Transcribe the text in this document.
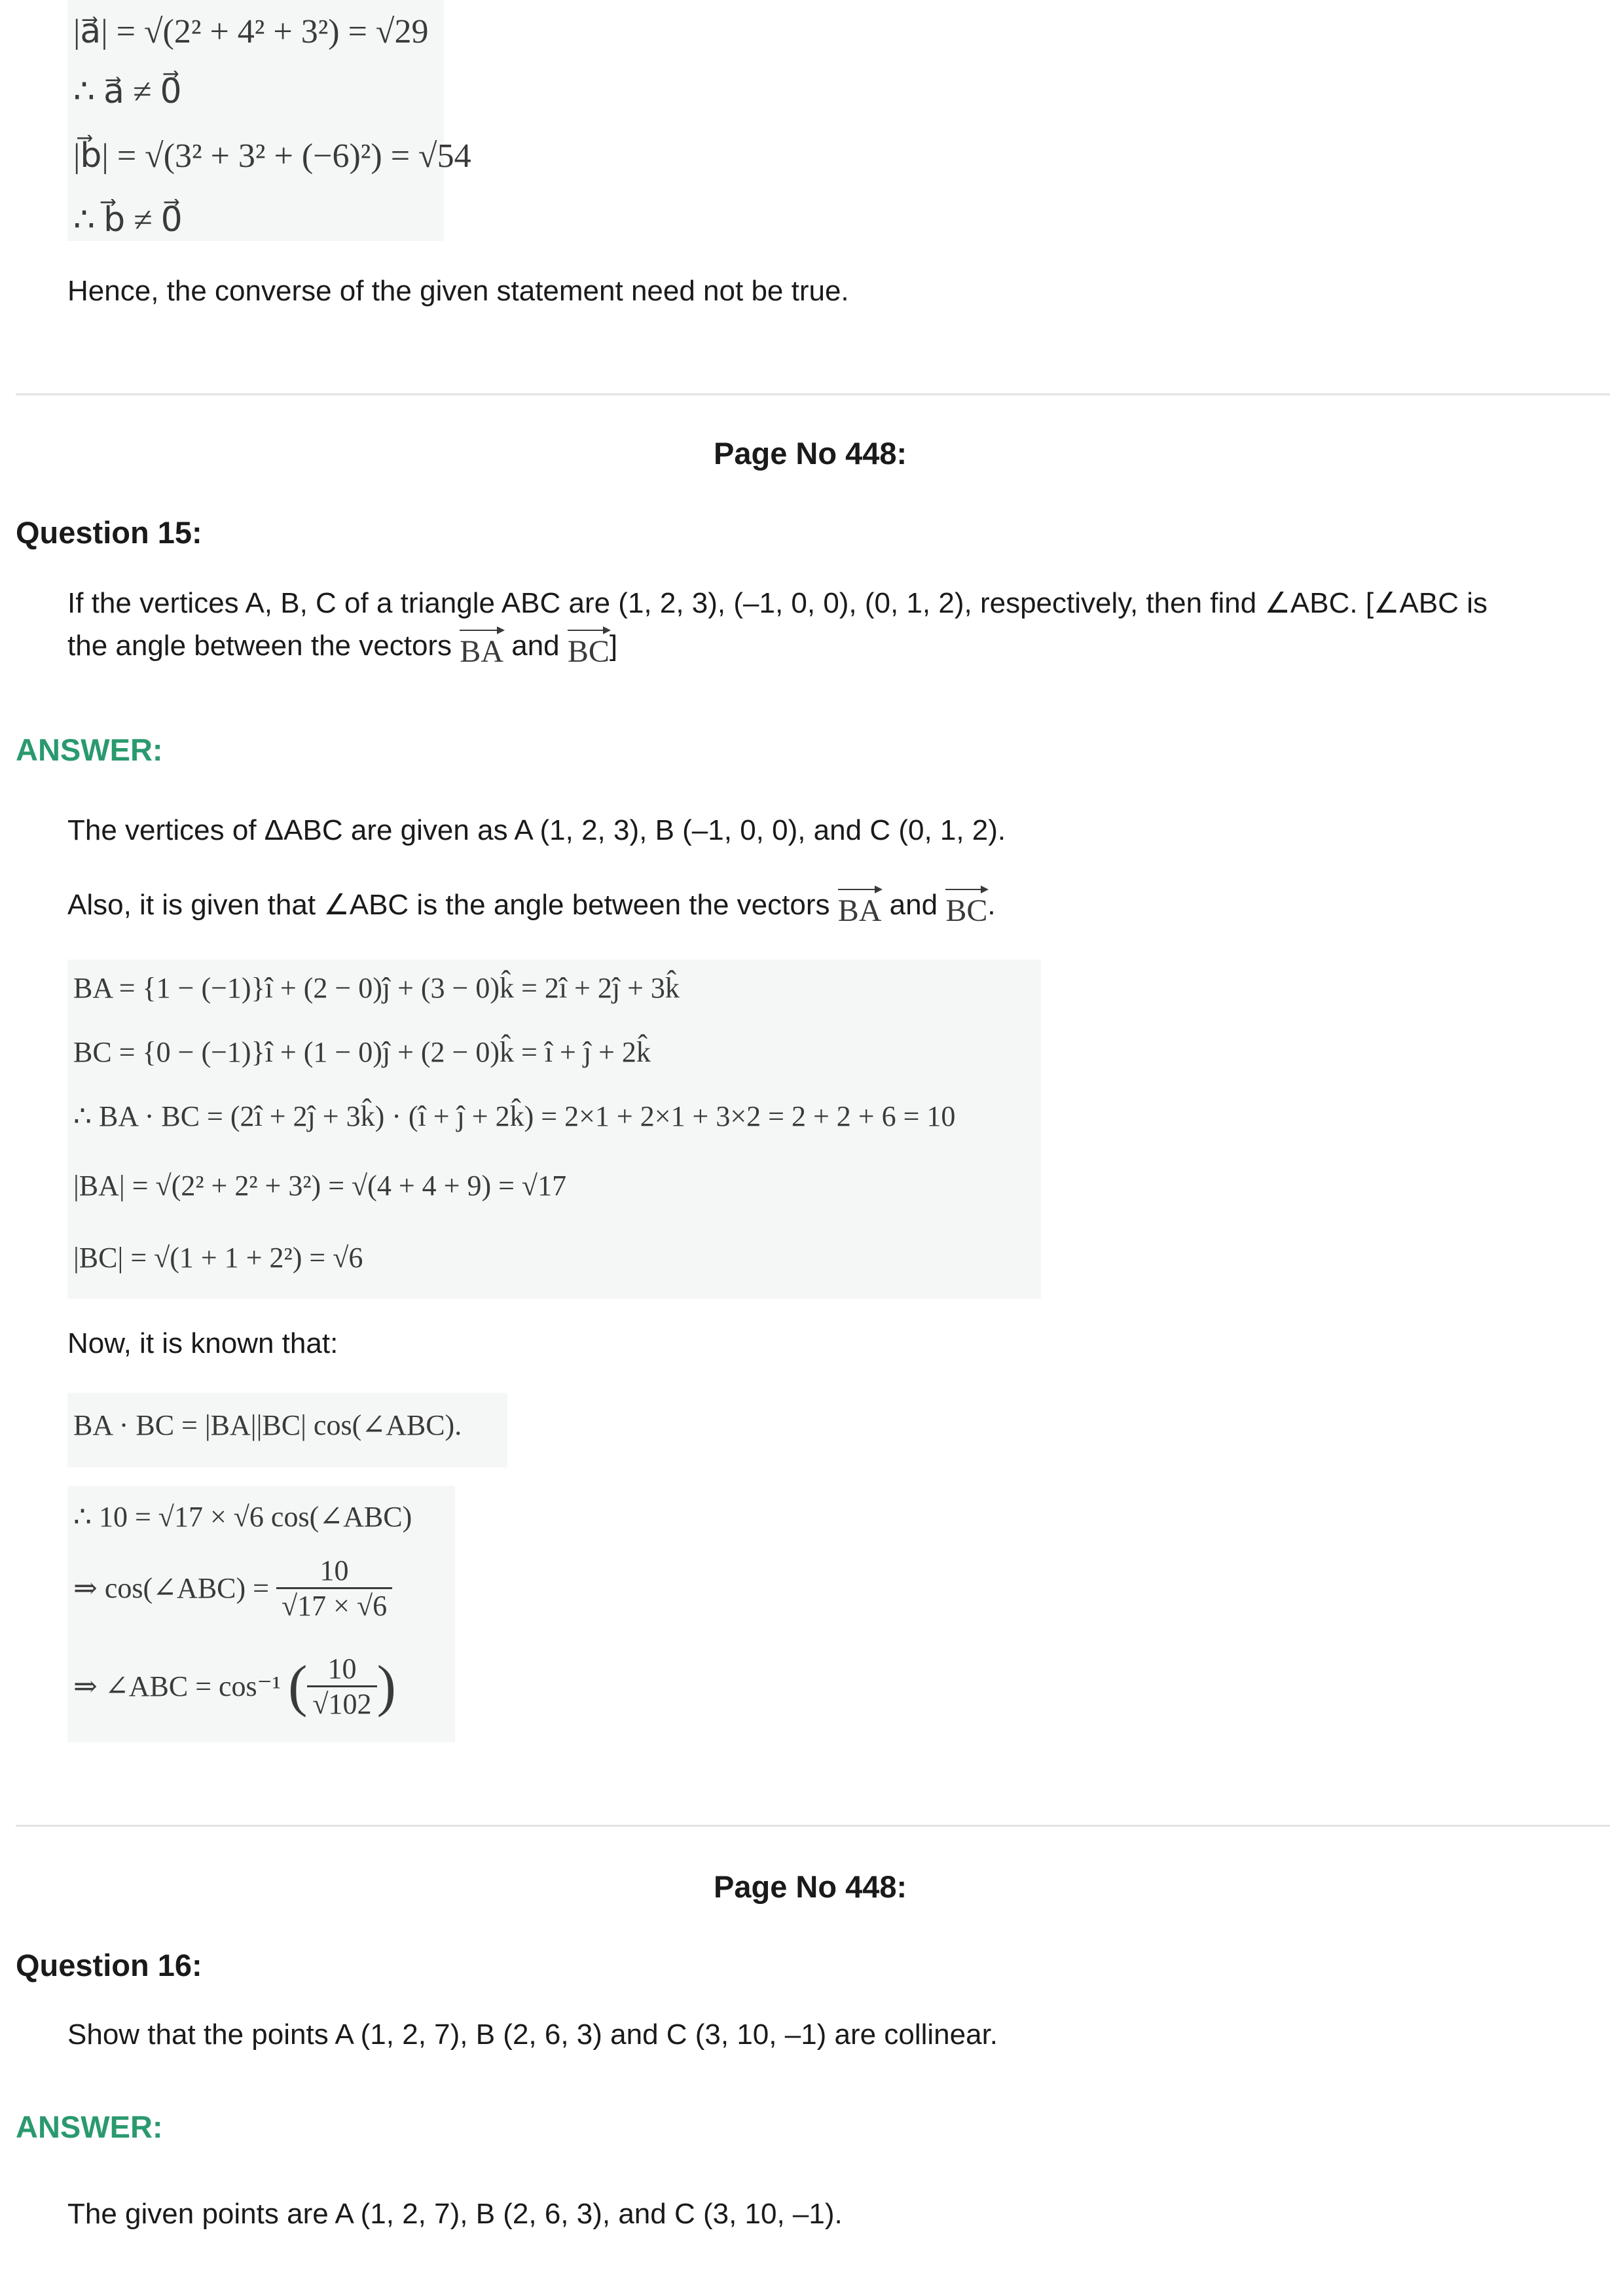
|a⃗| = √(2² + 4² + 3²) = √29
∴ a⃗ ≠ 0⃗
|b⃗| = √(3² + 3² + (−6)²) = √54
∴ b⃗ ≠ 0⃗
Hence, the converse of the given statement need not be true.
Page No 448:
Question 15:
If the vertices A, B, C of a triangle ABC are (1, 2, 3), (–1, 0, 0), (0, 1, 2), respectively, then find ∠ABC. [∠ABC is
the angle between the vectors BA and BC]
ANSWER:
The vertices of ΔABC are given as A (1, 2, 3), B (–1, 0, 0), and C (0, 1, 2).
Also, it is given that ∠ABC is the angle between the vectors BA and BC.
BA = {1 − (−1)}î + (2 − 0)ĵ + (3 − 0)k̂ = 2î + 2ĵ + 3k̂
BC = {0 − (−1)}î + (1 − 0)ĵ + (2 − 0)k̂ = î + ĵ + 2k̂
∴ BA · BC = (2î + 2ĵ + 3k̂) · (î + ĵ + 2k̂) = 2×1 + 2×1 + 3×2 = 2 + 2 + 6 = 10
|BA| = √(2² + 2² + 3²) = √(4 + 4 + 9) = √17
|BC| = √(1 + 1 + 2²) = √6
Now, it is known that:
BA · BC = |BA||BC| cos(∠ABC).
∴ 10 = √17 × √6 cos(∠ABC)
⇒ cos(∠ABC) = $\frac{10}{√17 \times √6}$
⇒ ∠ABC = cos⁻¹ ( $\frac{10}{√102}$ )
Page No 448:
Question 16:
Show that the points A (1, 2, 7), B (2, 6, 3) and C (3, 10, –1) are collinear.
ANSWER:
The given points are A (1, 2, 7), B (2, 6, 3), and C (3, 10, –1).
